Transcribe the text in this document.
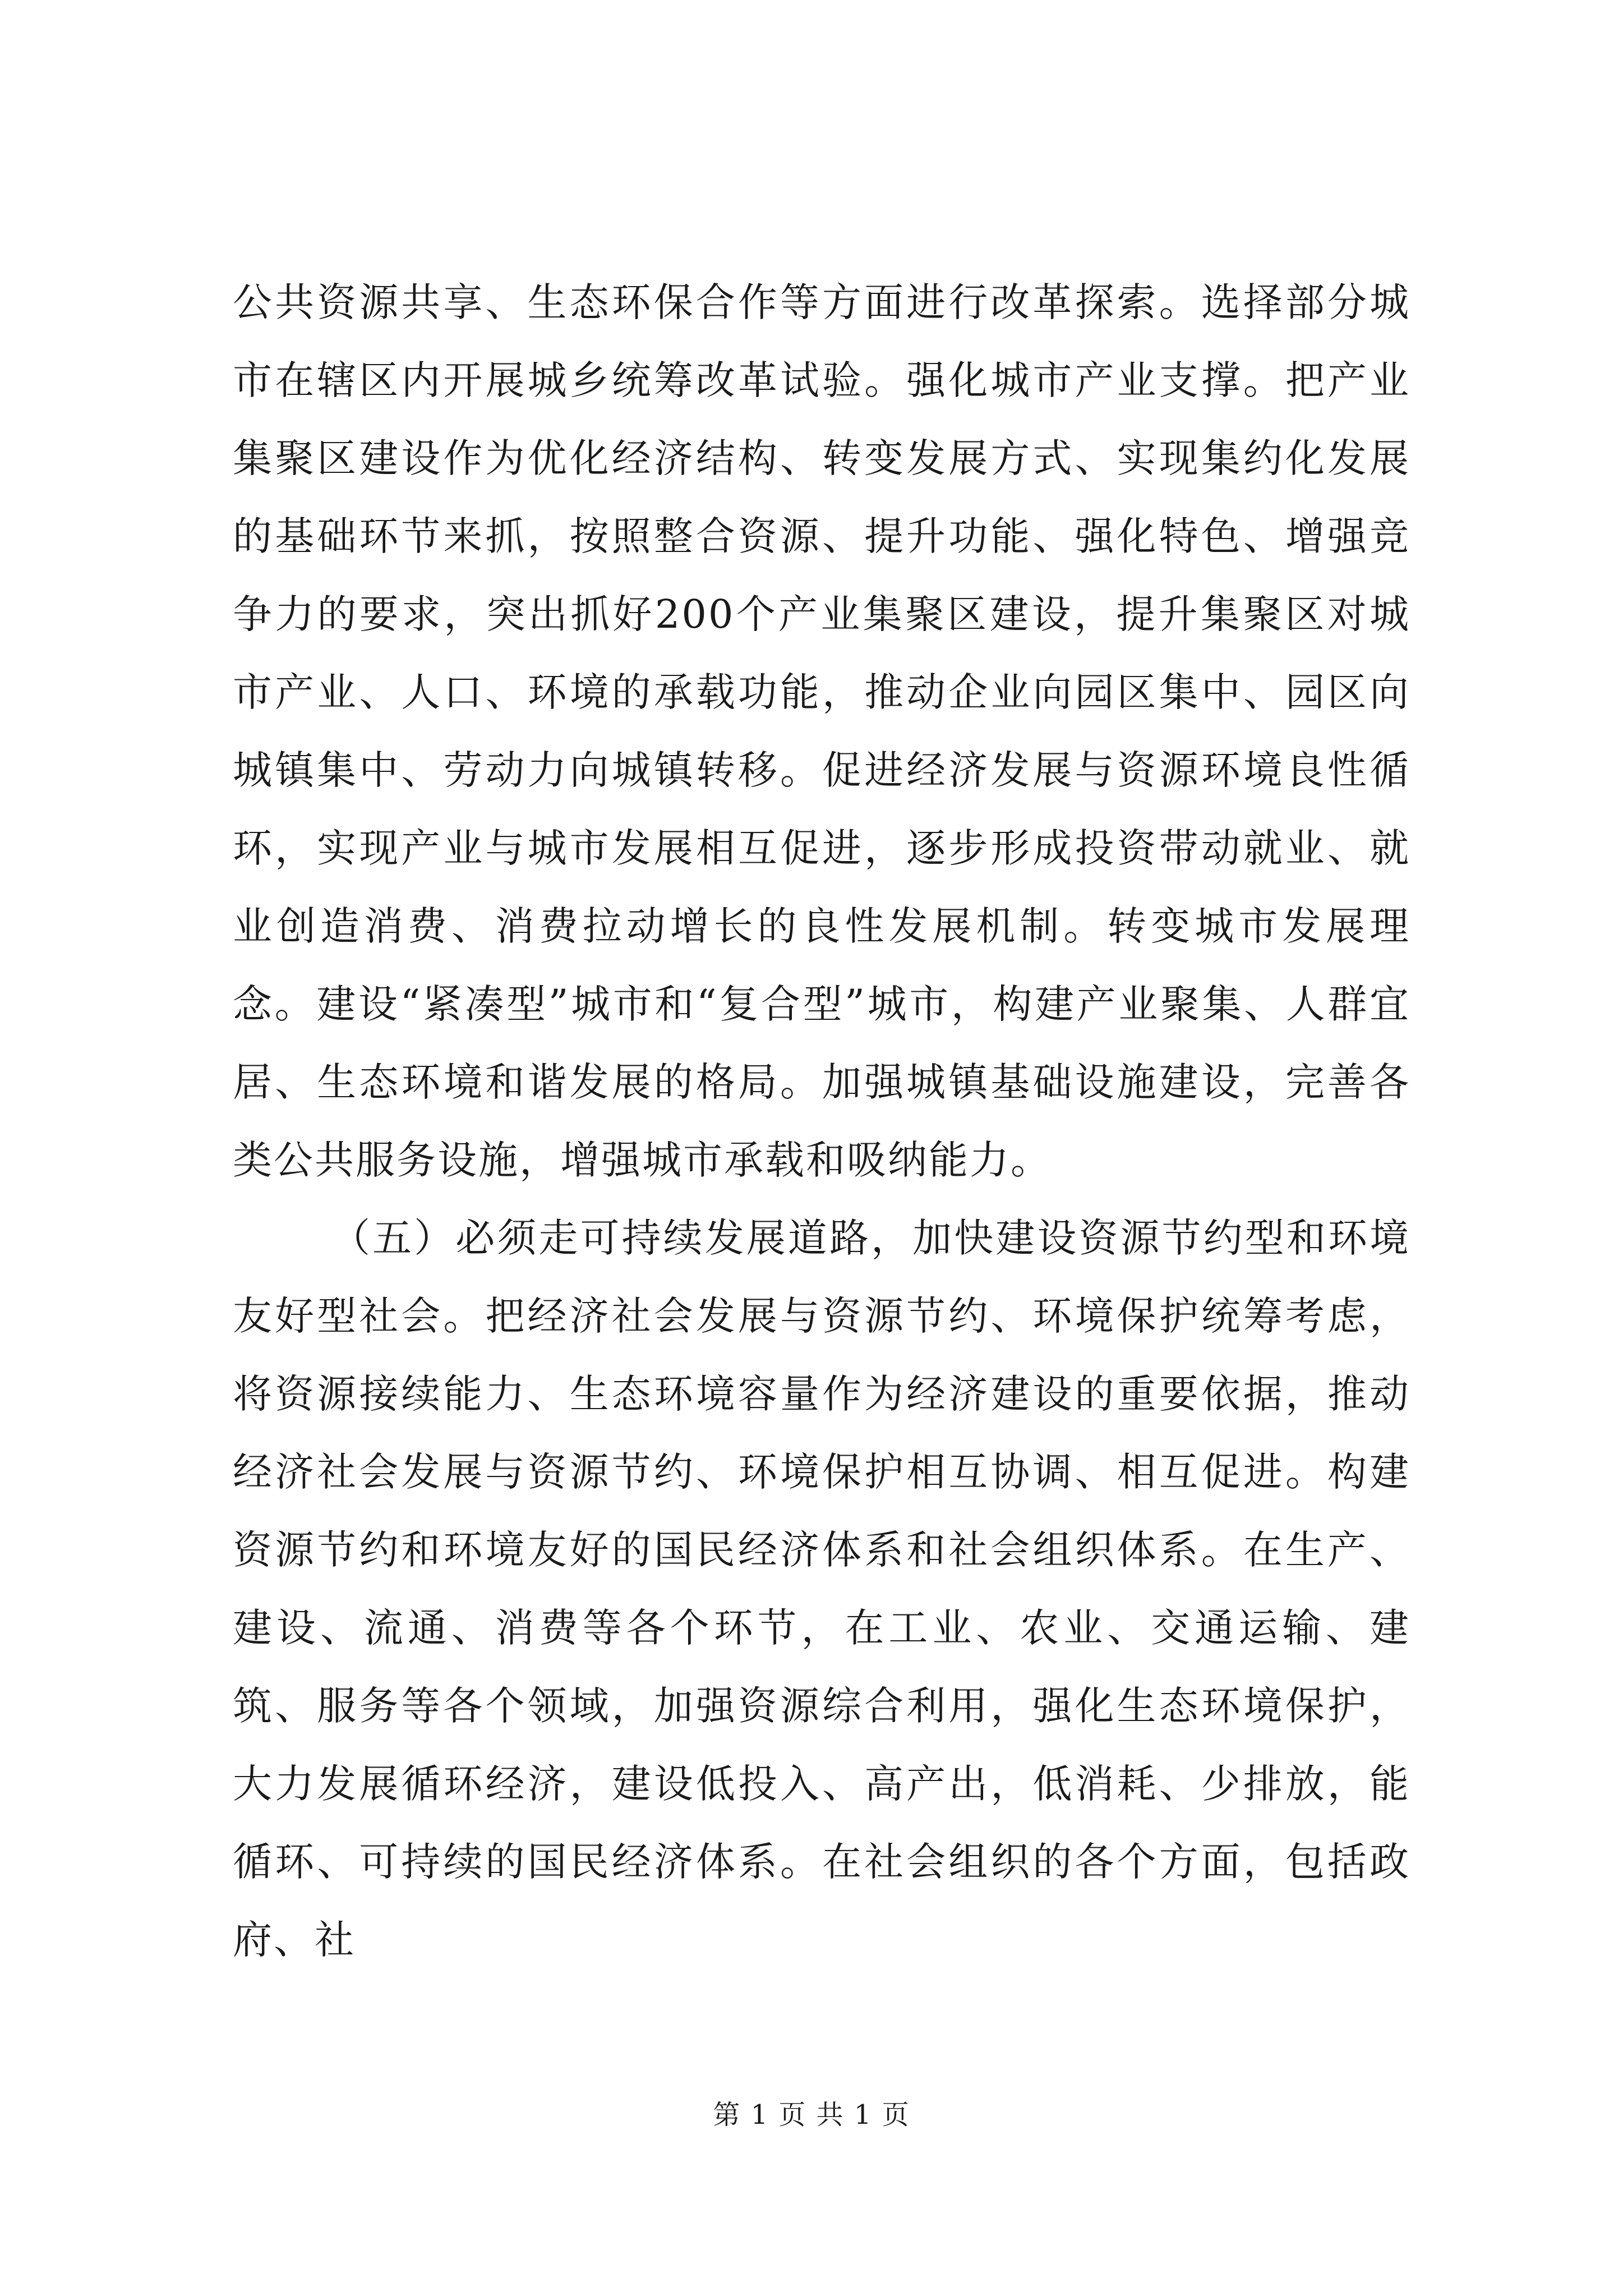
公共资源共享、生态环保合作等方面进行改革探索。选择部分城市在辖区内开展城乡统筹改革试验。强化城市产业支撑。把产业集聚区建设作为优化经济结构、转变发展方式、实现集约化发展的基础环节来抓，按照整合资源、提升功能、强化特色、增强竞争力的要求，突出抓好200个产业集聚区建设，提升集聚区对城市产业、人口、环境的承载功能，推动企业向园区集中、园区向城镇集中、劳动力向城镇转移。促进经济发展与资源环境良性循环，实现产业与城市发展相互促进，逐步形成投资带动就业、就业创造消费、消费拉动增长的良性发展机制。转变城市发展理念。建设“紧凑型”城市和“复合型”城市，构建产业聚集、人群宜居、生态环境和谐发展的格局。加强城镇基础设施建设，完善各类公共服务设施，增强城市承载和吸纳能力。

（五）必须走可持续发展道路，加快建设资源节约型和环境友好型社会。把经济社会发展与资源节约、环境保护统筹考虑，将资源接续能力、生态环境容量作为经济建设的重要依据，推动经济社会发展与资源节约、环境保护相互协调、相互促进。构建资源节约和环境友好的国民经济体系和社会组织体系。在生产、建设、流通、消费等各个环节，在工业、农业、交通运输、建筑、服务等各个领域，加强资源综合利用，强化生态环境保护，大力发展循环经济，建设低投入、高产出，低消耗、少排放，能循环、可持续的国民经济体系。在社会组织的各个方面，包括政府、社

第 1 页 共 1 页
